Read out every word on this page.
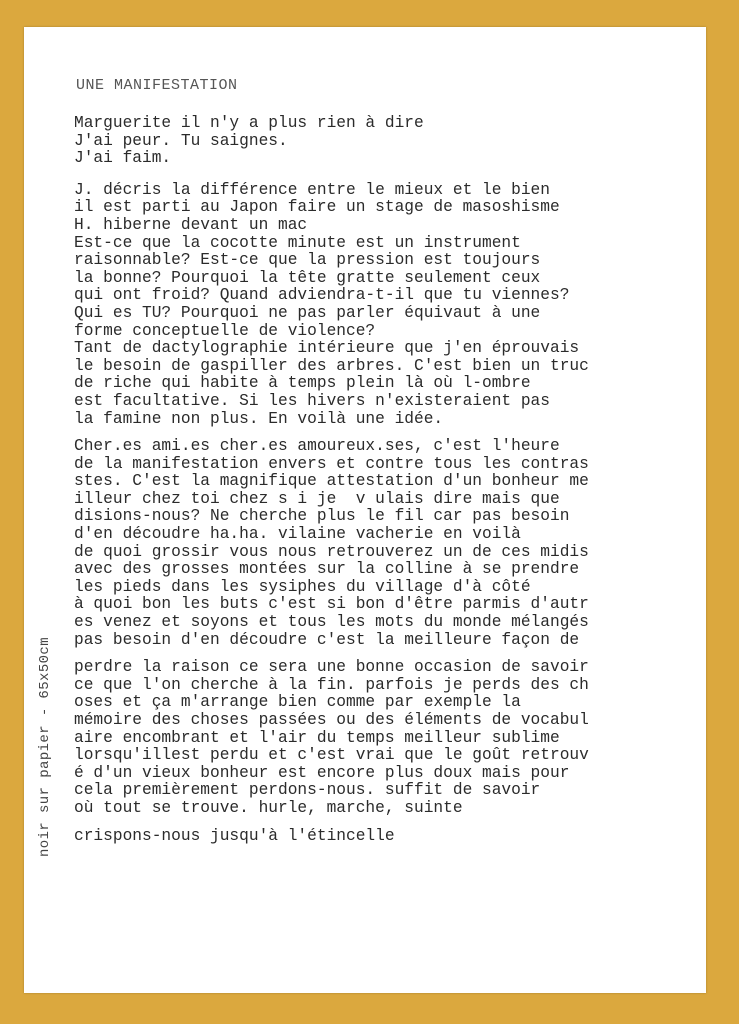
UNE MANIFESTATION
Marguerite il n'y a plus rien à dire
J'ai peur. Tu saignes.
J'ai faim.
J. décris la différence entre le mieux et le bien
il est parti au Japon faire un stage de masoshisme
H. hiberne devant un mac
Est-ce que la cocotte minute est un instrument
raisonnable? Est-ce que la pression est toujours
la bonne? Pourquoi la tête gratte seulement ceux
qui ont froid? Quand adviendra-t-il que tu viennes?
Qui es TU? Pourquoi ne pas parler équivaut à une
forme conceptuelle de violence?
Tant de dactylographie intérieure que j'en éprouvais
le besoin de gaspiller des arbres. C'est bien un truc
de riche qui habite à temps plein là où l-ombre
est facultative. Si les hivers n'existeraient pas
la famine non plus. En voilà une idée.
Cher.es ami.es cher.es amoureux.ses, c'est l'heure
de la manifestation envers et contre tous les contras
stes. C'est la magnifique attestation d'un bonheur me
illeur chez toi chez s i je  v ulais dire mais que
disions-nous? Ne cherche plus le fil car pas besoin
d'en découdre ha.ha. vilaine vacherie en voilà
de quoi grossir vous nous retrouverez un de ces midis
avec des grosses montées sur la colline à se prendre
les pieds dans les sysiphes du village d'à côté
à quoi bon les buts c'est si bon d'être parmis d'autr
es venez et soyons et tous les mots du monde mélangés
pas besoin d'en découdre c'est la meilleure façon de
perdre la raison ce sera une bonne occasion de savoir
ce que l'on cherche à la fin. parfois je perds des ch
oses et ça m'arrange bien comme par exemple la
mémoire des choses passées ou des éléments de vocabul
aire encombrant et l'air du temps meilleur sublime
lorsqu'illest perdu et c'est vrai que le goût retrouv
é d'un vieux bonheur est encore plus doux mais pour
cela premièrement perdons-nous. suffit de savoir
où tout se trouve. hurle, marche, suinte
crispons-nous jusqu'à l'étincelle
noir sur papier - 65x50cm
